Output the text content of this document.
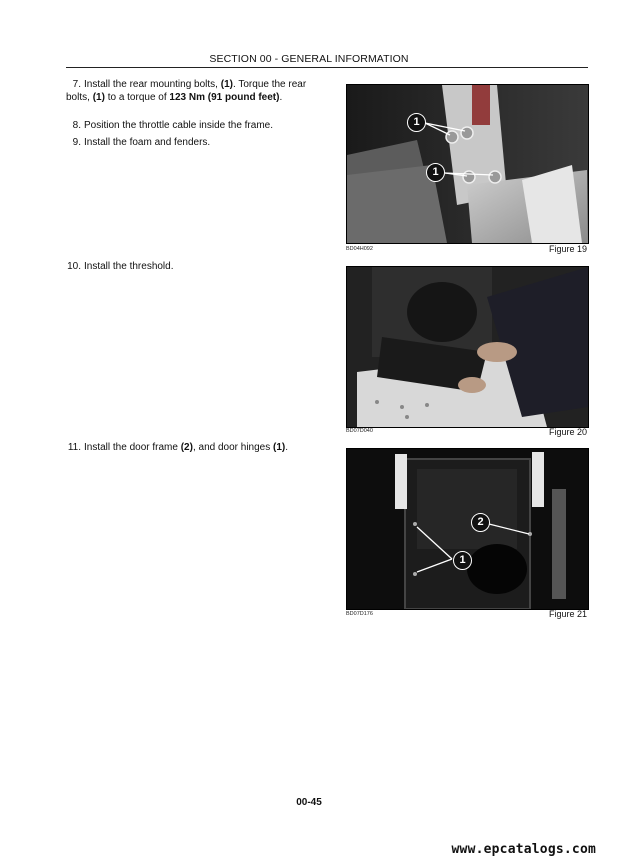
SECTION 00 - GENERAL INFORMATION
7. Install the rear mounting bolts, (1). Torque the rear bolts, (1) to a torque of 123 Nm (91 pound feet).
8. Position the throttle cable inside the frame.
9. Install the foam and fenders.
10. Install the threshold.
11. Install the door frame (2), and door hinges (1).
1
1
BD04H092	Figure 19
BD07D040	Figure 20
2
1
BD07D176	Figure 21
00-45
www.epcatalogs.com
